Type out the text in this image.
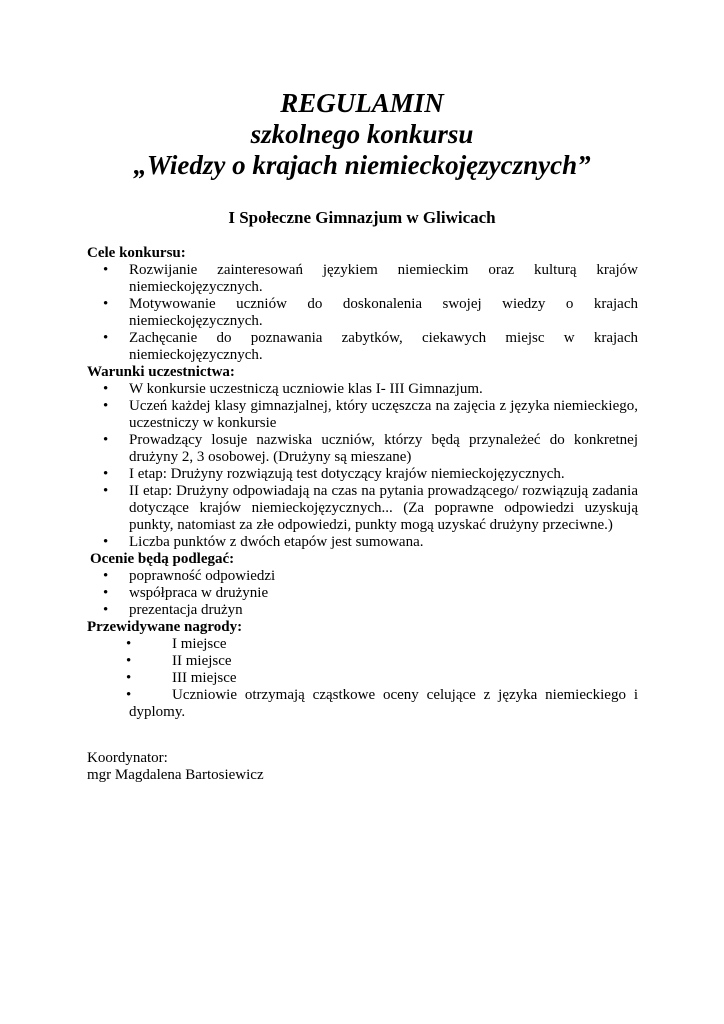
REGULAMIN

szkolnego konkursu

„Wiedzy o krajach niemieckojęzycznych”

I Społeczne Gimnazjum w Gliwicach

Cele konkursu:

• Rozwijanie zainteresowań językiem niemieckim oraz kulturą krajów niemieckojęzycznych.
• Motywowanie uczniów do doskonalenia swojej wiedzy o krajach niemieckojęzycznych.
• Zachęcanie do poznawania zabytków, ciekawych miejsc w krajach niemieckojęzycznych.

Warunki uczestnictwa:

• W konkursie uczestniczą uczniowie klas I- III Gimnazjum.
• Uczeń każdej klasy gimnazjalnej, który uczęszcza na zajęcia z języka niemieckiego, uczestniczy w konkursie
• Prowadzący losuje nazwiska uczniów, którzy będą przynależeć do konkretnej drużyny 2, 3 osobowej. (Drużyny są mieszane)
• I etap: Drużyny rozwiązują test dotyczący krajów niemieckojęzycznych.
• II etap: Drużyny odpowiadają na czas na pytania prowadzącego/ rozwiązują zadania dotyczące krajów niemieckojęzycznych... (Za poprawne odpowiedzi uzyskują punkty, natomiast za złe odpowiedzi, punkty mogą uzyskać drużyny przeciwne.)
• Liczba punktów z dwóch etapów jest sumowana.

Ocenie będą podlegać:

• poprawność odpowiedzi
• współpraca w drużynie
• prezentacja drużyn

Przewidywane nagrody:

•	I miejsce
•	II miejsce
•	III miejsce
•	Uczniowie otrzymają cząstkowe oceny celujące z języka niemieckiego i dyplomy.
Koordynator:
mgr Magdalena Bartosiewicz
